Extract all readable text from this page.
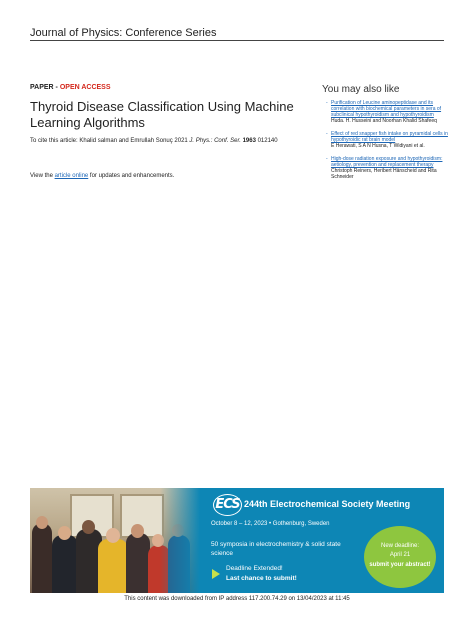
Journal of Physics: Conference Series
PAPER - OPEN ACCESS
Thyroid Disease Classification Using Machine Learning Algorithms
To cite this article: Khalid salman and Emrullah Sonuç 2021 J. Phys.: Conf. Ser. 1963 012140
View the article online for updates and enhancements.
You may also like
- Purification of Leucine aminopeptidase and its correlation with biochemical parameters in sera of subclinical hypothyroidism and hypothyroidism
Huda. H. Husseini and Noorhan Khalid Shafeeq
- Effect of red snapper fish intake on pyramidal cells in hypothyroidic rat brain model
E Herawati, S A N Husna, T Widiyani et al.
- High-dose radiation exposure and hypothyroidism: aetiology, prevention and replacement therapy
Christoph Reiners, Heribert Hänscheid and Rita Schneider
ECS 244th Electrochemical Society Meeting
October 8 – 12, 2023 • Gothenburg, Sweden
50 symposia in electrochemistry & solid state science
Deadline Extended!
Last chance to submit!
New deadline:
April 21
submit your abstract!
This content was downloaded from IP address 117.200.74.29 on 13/04/2023 at 11:45
